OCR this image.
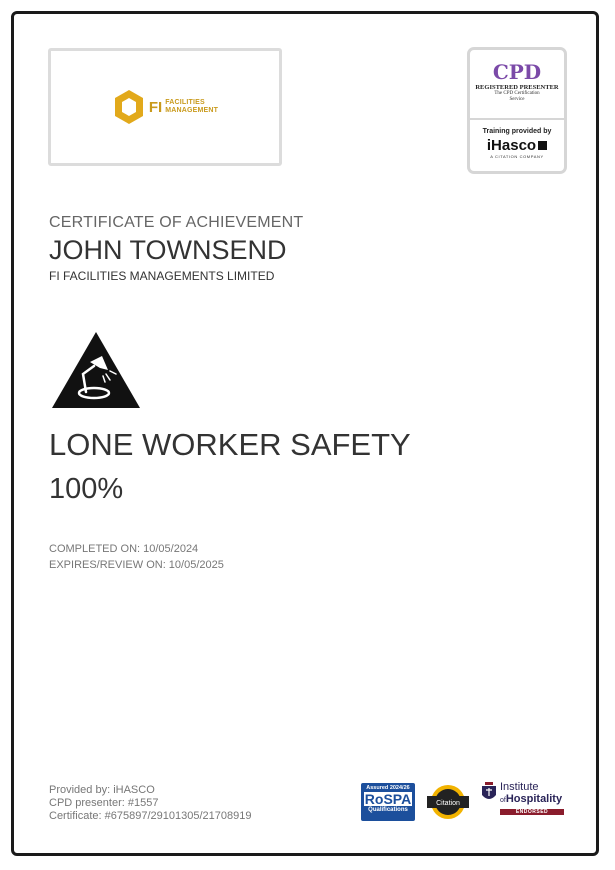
FI FACILITIES
MANAGEMENT
CPD
REGISTERED PRESENTER
The CPD Certification
Service
Training provided by
iHasco
A CITATION COMPANY
CERTIFICATE OF ACHIEVEMENT
JOHN TOWNSEND
FI FACILITIES MANAGEMENTS LIMITED
LONE WORKER SAFETY
100%
COMPLETED ON: 10/05/2024
EXPIRES/REVIEW ON: 10/05/2025
Provided by: iHASCO
CPD presenter: #1557
Certificate: #675897/29101305/21708919
Assured 2024/26
RoSPA
Qualifications
Citation
Institute
ofHospitality
ENDORSED
